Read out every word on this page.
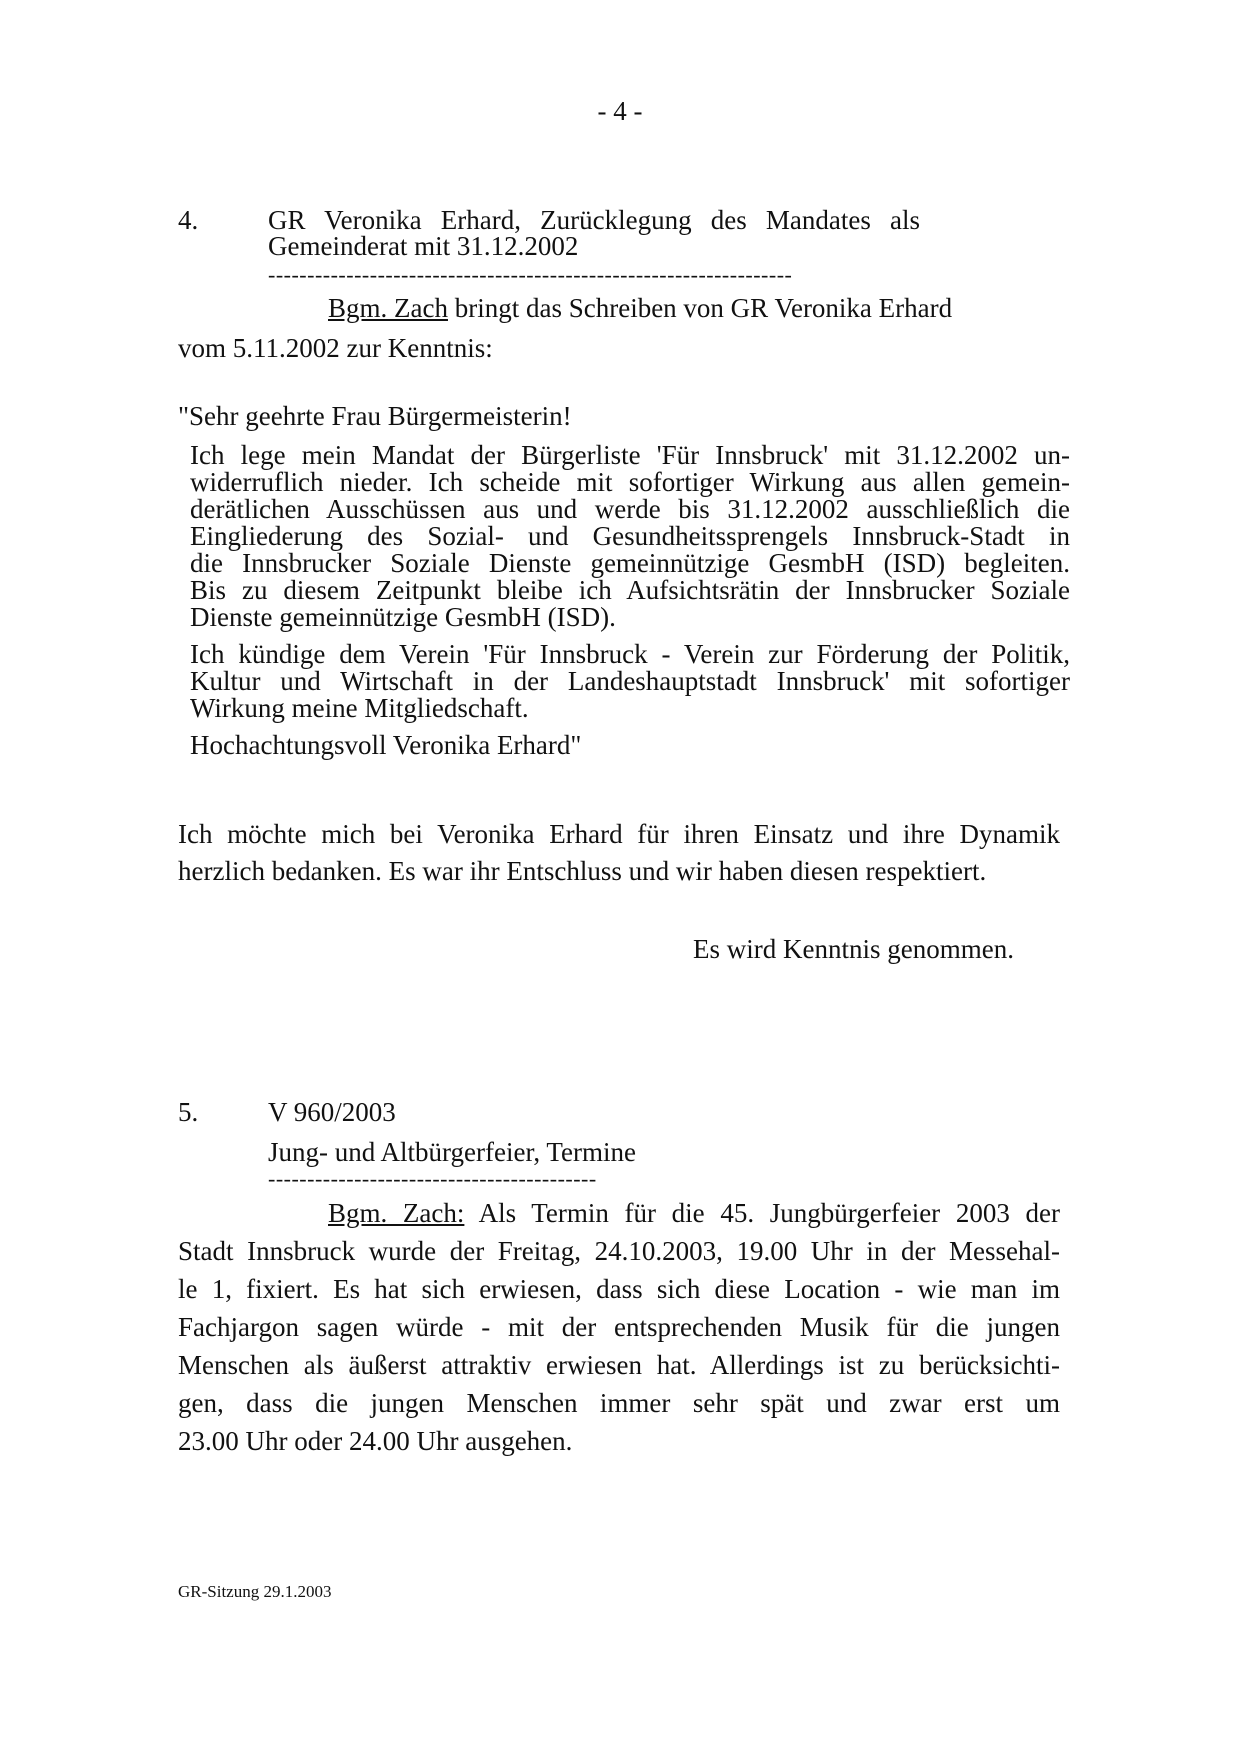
- 4 -
4.	GR Veronika Erhard, Zurücklegung des Mandates als
Gemeinderat mit 31.12.2002
-------------------------------------------------------------------
Bgm. Zach bringt das Schreiben von GR Veronika Erhard
vom 5.11.2002 zur Kenntnis:
"Sehr geehrte Frau Bürgermeisterin!

Ich lege mein Mandat der Bürgerliste 'Für Innsbruck' mit 31.12.2002 un-

widerruflich nieder. Ich scheide mit sofortiger Wirkung aus allen gemein-

derätlichen Ausschüssen aus und werde bis 31.12.2002 ausschließlich die

Eingliederung des Sozial- und Gesundheitssprengels Innsbruck-Stadt in

die Innsbrucker Soziale Dienste gemeinnützige GesmbH (ISD) begleiten.

Bis zu diesem Zeitpunkt bleibe ich Aufsichtsrätin der Innsbrucker Soziale

Dienste gemeinnützige GesmbH (ISD).

Ich kündige dem Verein 'Für Innsbruck - Verein zur Förderung der Politik,

Kultur und Wirtschaft in der Landeshauptstadt Innsbruck' mit sofortiger

Wirkung meine Mitgliedschaft.

Hochachtungsvoll Veronika Erhard"

Ich möchte mich bei Veronika Erhard für ihren Einsatz und ihre Dynamik
herzlich bedanken. Es war ihr Entschluss und wir haben diesen respektiert.
Es wird Kenntnis genommen.
5.	V 960/2003
Jung- und Altbürgerfeier, Termine
------------------------------------------
Bgm. Zach: Als Termin für die 45. Jungbürgerfeier 2003 der
Stadt Innsbruck wurde der Freitag, 24.10.2003, 19.00 Uhr in der Messehal-
le 1, fixiert. Es hat sich erwiesen, dass sich diese Location - wie man im
Fachjargon sagen würde - mit der entsprechenden Musik für die jungen
Menschen als äußerst attraktiv erwiesen hat. Allerdings ist zu berücksichti-
gen, dass die jungen Menschen immer sehr spät und zwar erst um
23.00 Uhr oder 24.00 Uhr ausgehen.
GR-Sitzung 29.1.2003
